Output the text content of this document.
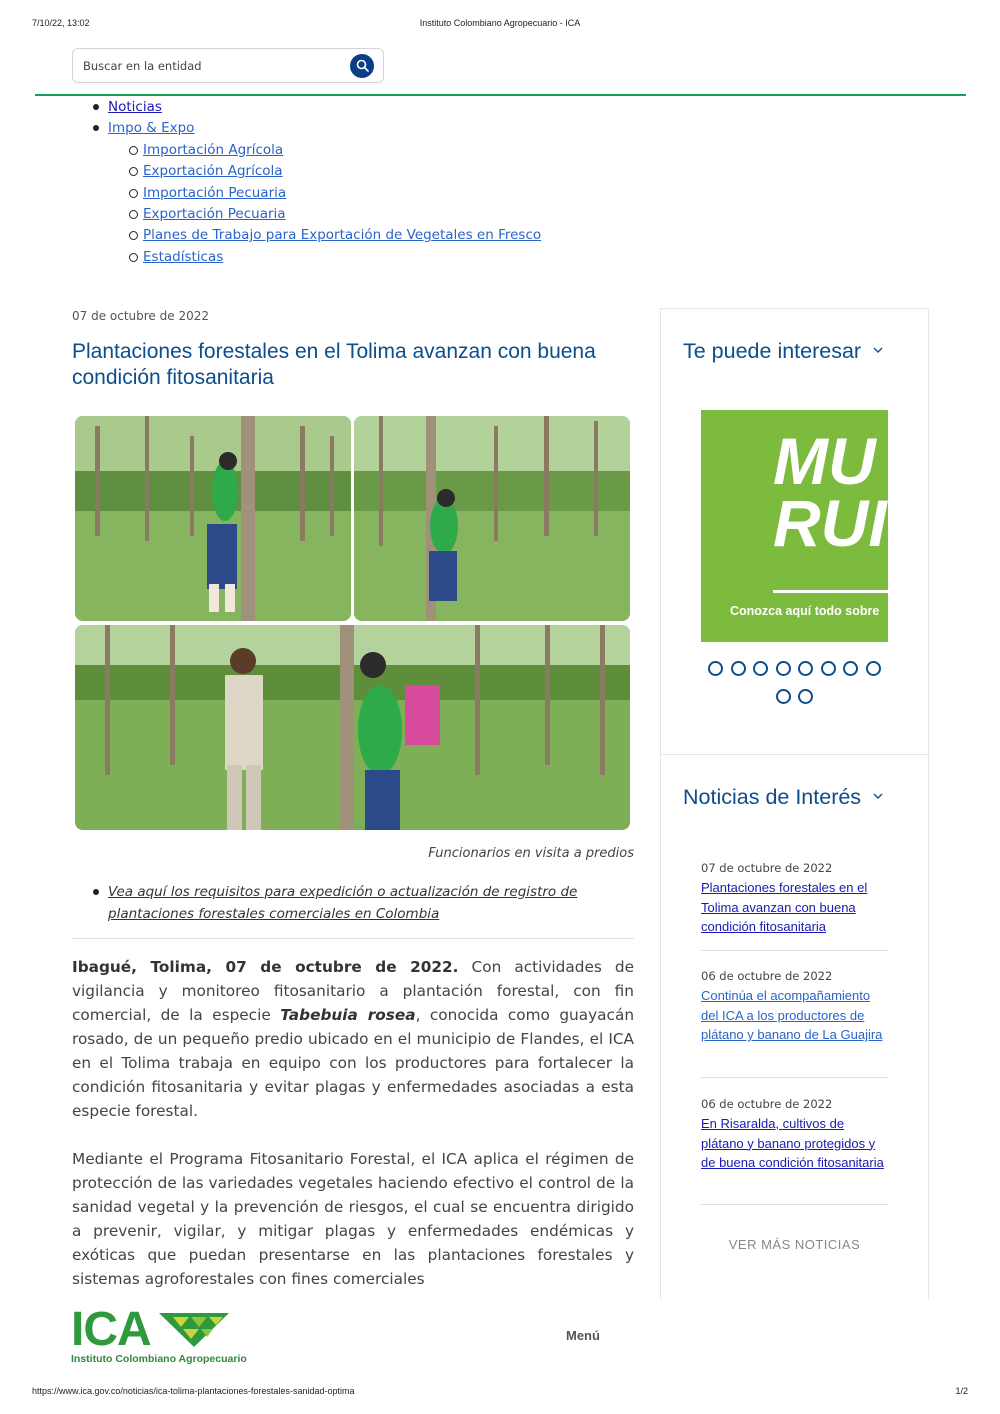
7/10/22, 13:02	Instituto Colombiano Agropecuario - ICA
Buscar en la entidad
Noticias
Impo & Expo
Importación Agrícola
Exportación Agrícola
Importación Pecuaria
Exportación Pecuaria
Planes de Trabajo para Exportación de Vegetales en Fresco
Estadísticas
07 de octubre de 2022
Plantaciones forestales en el Tolima avanzan con buena condición fitosanitaria
Funcionarios en visita a predios
Vea aquí los requisitos para expedición o actualización de registro de plantaciones forestales comerciales en Colombia

Ibagué, Tolima, 07 de octubre de 2022. Con actividades de vigilancia y monitoreo fitosanitario a plantación forestal, con fin comercial, de la especie Tabebuia rosea, conocida como guayacán rosado, de un pequeño predio ubicado en el municipio de Flandes, el ICA en el Tolima trabaja en equipo con los productores para fortalecer la condición fitosanitaria y evitar plagas y enfermedades asociadas a esta especie forestal.

Mediante el Programa Fitosanitario Forestal, el ICA aplica el régimen de protección de las variedades vegetales haciendo efectivo el control de la sanidad vegetal y la prevención de riesgos, el cual se encuentra dirigido a prevenir, vigilar, y mitigar plagas y enfermedades endémicas y exóticas que puedan presentarse en las plantaciones forestales y sistemas agroforestales con fines comerciales

Te puede interesar
MU
RUI
Conozca aquí todo sobre
Noticias de Interés
07 de octubre de 2022
Plantaciones forestales en el Tolima avanzan con buena condición fitosanitaria
06 de octubre de 2022
Continúa el acompañamiento del ICA a los productores de plátano y banano de La Guajira
06 de octubre de 2022
En Risaralda, cultivos de plátano y banano protegidos y de buena condición fitosanitaria
VER MÁS NOTICIAS
ICA
Instituto Colombiano Agropecuario
Menú
https://www.ica.gov.co/noticias/ica-tolima-plantaciones-forestales-sanidad-optima	1/2
